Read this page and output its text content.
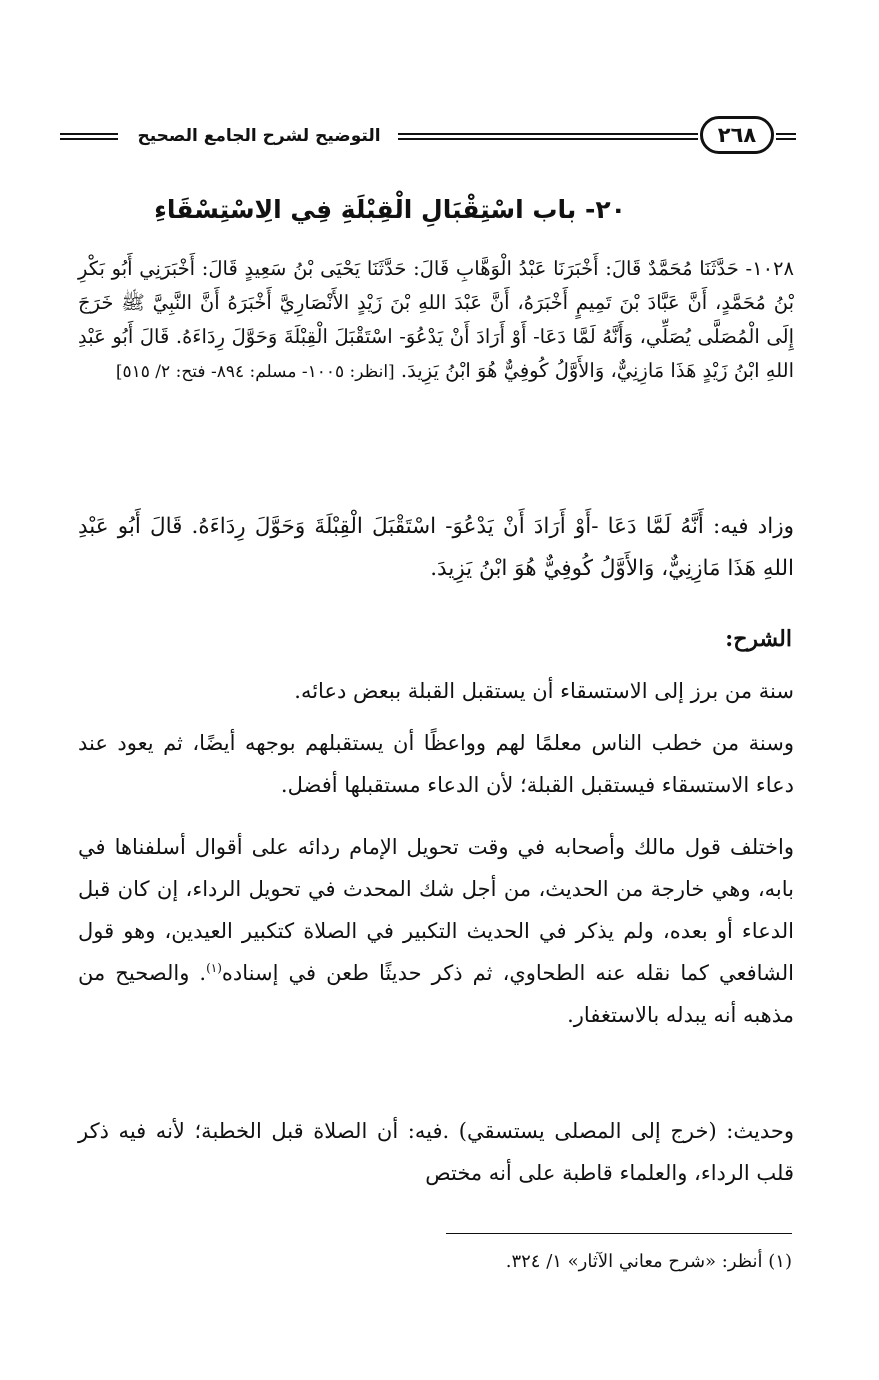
التوضيح لشرح الجامع الصحيح	٢٦٨
٢٠- باب اسْتِقْبَالِ الْقِبْلَةِ فِي الِاسْتِسْقَاءِ
١٠٢٨- حَدَّثَنَا مُحَمَّدٌ قَالَ: أَخْبَرَنَا عَبْدُ الْوَهَّابِ قَالَ: حَدَّثَنَا يَحْيَى بْنُ سَعِيدٍ قَالَ: أَخْبَرَنِي أَبُو بَكْرِ بْنُ مُحَمَّدٍ، أَنَّ عَبَّادَ بْنَ تَمِيمٍ أَخْبَرَهُ، أَنَّ عَبْدَ اللهِ بْنَ زَيْدٍ الأَنْصَارِيَّ أَخْبَرَهُ أَنَّ النَّبِيَّ ﷺ خَرَجَ إِلَى الْمُصَلَّى يُصَلِّي، وَأَنَّهُ لَمَّا دَعَا- أَوْ أَرَادَ أَنْ يَدْعُوَ- اسْتَقْبَلَ الْقِبْلَةَ وَحَوَّلَ رِدَاءَهُ. قَالَ أَبُو عَبْدِ اللهِ ابْنُ زَيْدٍ هَذَا مَازِنِيٌّ، وَالأَوَّلُ كُوفِيٌّ هُوَ ابْنُ يَزِيدَ. [انظر: ١٠٠٥- مسلم: ٨٩٤- فتح: ٢/ ٥١٥]
وزاد فيه: أَنَّهُ لَمَّا دَعَا -أَوْ أَرَادَ أَنْ يَدْعُوَ- اسْتَقْبَلَ الْقِبْلَةَ وَحَوَّلَ رِدَاءَهُ. قَالَ أَبُو عَبْدِ اللهِ هَذَا مَازِنِيٌّ، وَالأَوَّلُ كُوفِيٌّ هُوَ ابْنُ يَزِيدَ.
الشرح:

سنة من برز إلى الاستسقاء أن يستقبل القبلة ببعض دعائه.

وسنة من خطب الناس معلمًا لهم وواعظًا أن يستقبلهم بوجهه أيضًا، ثم يعود عند دعاء الاستسقاء فيستقبل القبلة؛ لأن الدعاء مستقبلها أفضل.

واختلف قول مالك وأصحابه في وقت تحويل الإمام ردائه على أقوال أسلفناها في بابه، وهي خارجة من الحديث، من أجل شك المحدث في تحويل الرداء، إن كان قبل الدعاء أو بعده، ولم يذكر في الحديث التكبير في الصلاة كتكبير العيدين، وهو قول الشافعي كما نقله عنه الطحاوي، ثم ذكر حديثًا طعن في إسناده$^{(١)}$. والصحيح من مذهبه أنه يبدله بالاستغفار.

وحديث: (خرج إلى المصلى يستسقي) .فيه: أن الصلاة قبل الخطبة؛ لأنه فيه ذكر قلب الرداء، والعلماء قاطبة على أنه مختص

(١) أنظر: «شرح معاني الآثار» ١/ ٣٢٤.
